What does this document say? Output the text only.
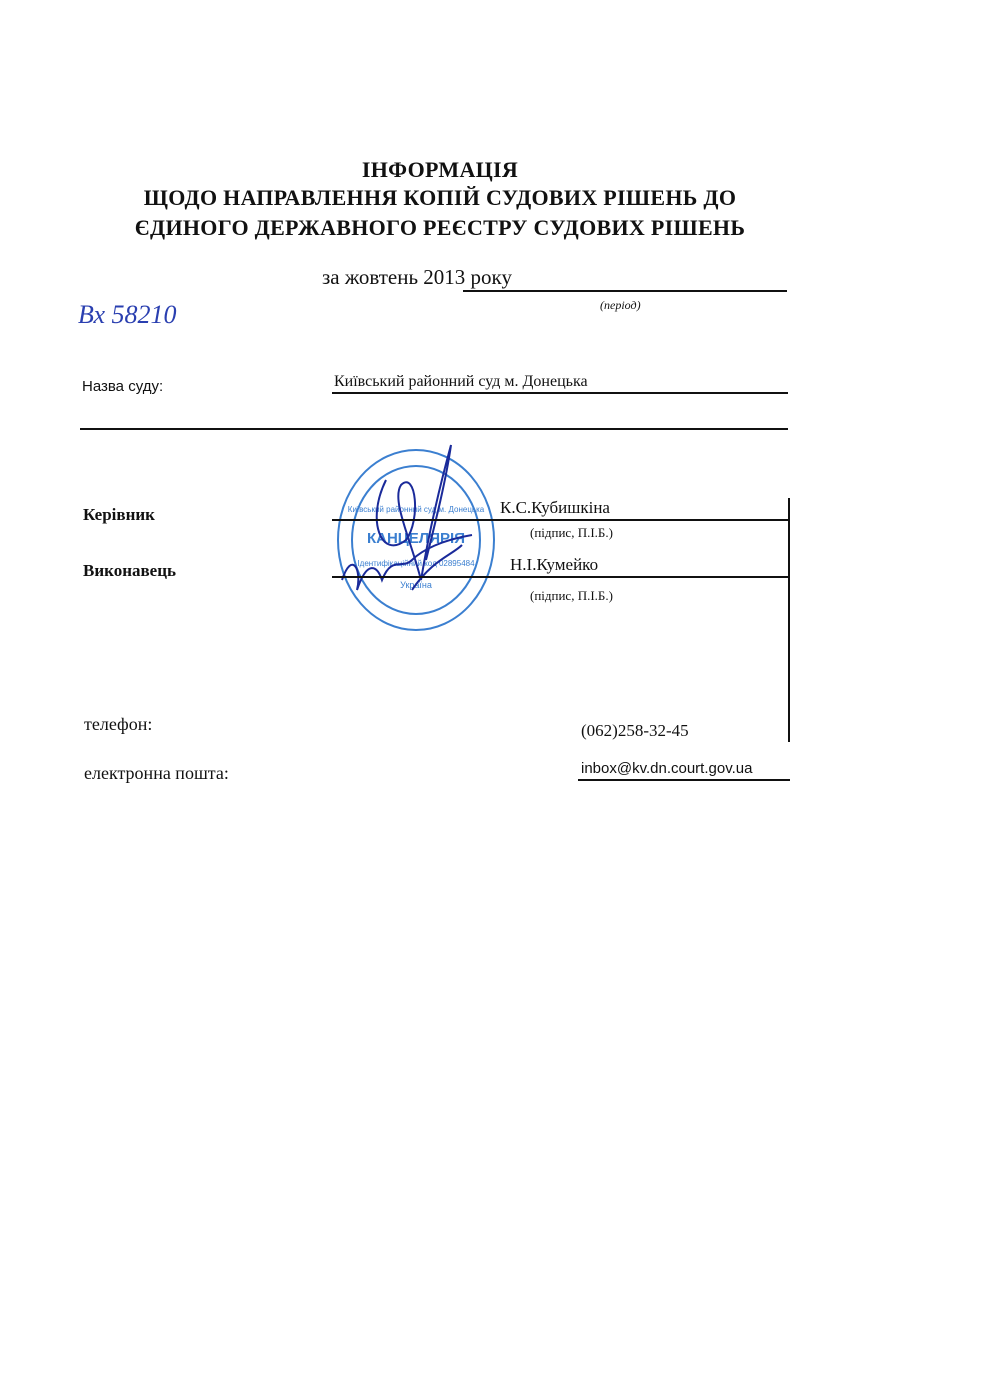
ІНФОРМАЦІЯ
ЩОДО НАПРАВЛЕННЯ КОПІЙ СУДОВИХ РІШЕНЬ ДО
ЄДИНОГО ДЕРЖАВНОГО РЕЄСТРУ СУДОВИХ РІШЕНЬ
за жовтень 2013 року
(період)
Вх 58210
Назва суду:	Київський районний суд м. Донецька
Київський районний суд м. Донецька
КАНЦЕЛЯРІЯ
Ідентифікаційний код 02895484
Україна
Керівник	К.С.Кубишкіна
(підпис, П.І.Б.)
Виконавець	Н.І.Кумейко
(підпис, П.І.Б.)
телефон:	(062)258-32-45
електронна пошта:	inbox@kv.dn.court.gov.ua
